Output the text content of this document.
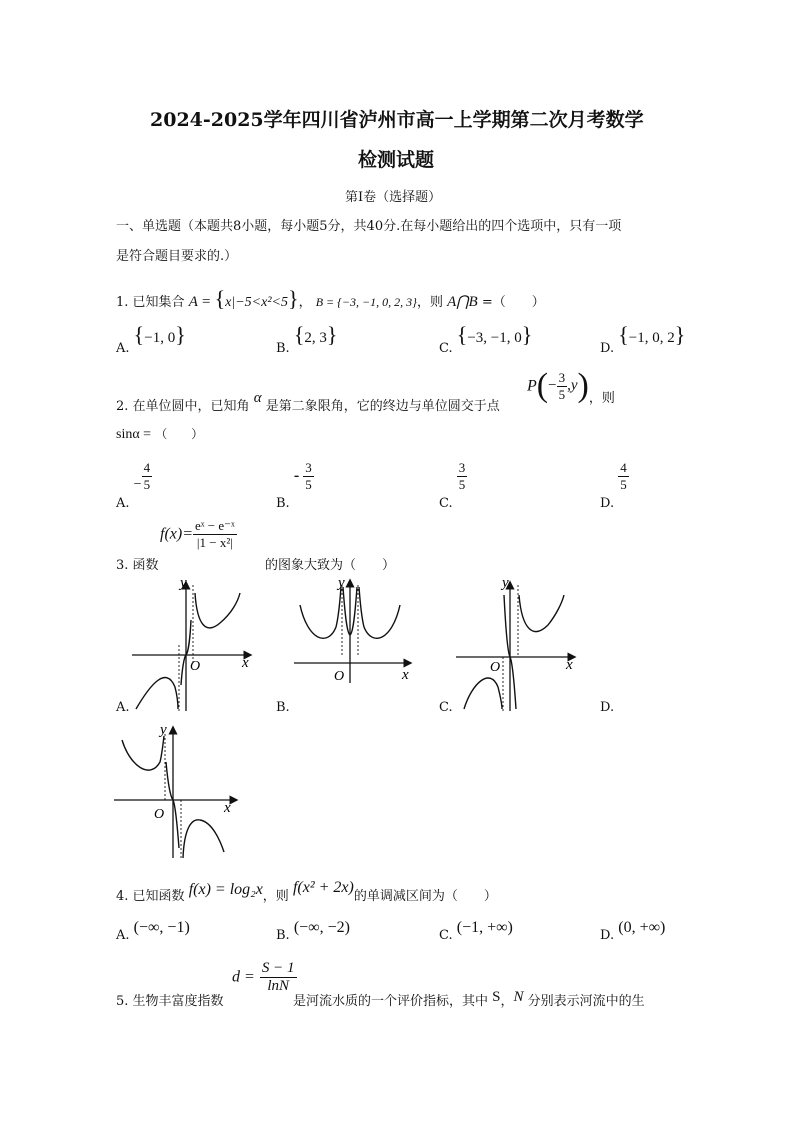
2024-2025学年四川省泸州市高一上学期第二次月考数学
检测试题
第Ⅰ卷（选择题）
一、单选题（本题共8小题，每小题5分，共40分.在每小题给出的四个选项中，只有一项
是符合题目要求的.）
1. 已知集合 A = {x|−5<x²<5}， B = {−3, −1, 0, 2, 3}，则 A⋂B =（　　）
A. {−1, 0}
B. {2, 3}
C. {−3, −1, 0}
D. {−1, 0, 2}
2. 在单位圆中，已知角 α 是第二象限角，它的终边与单位圆交于点
$P(- \frac{3}{5} ,y)_{,则}$
sinα = （　　）
A. − $\frac{4}{5}$
B. - $\frac{3}{5}$
C.
$\frac{3}{5}$
D.
$\frac{4}{5}$
3. 函数
$f(x)= \frac{\text{eˣ − e⁻ˣ}}{\text{|1 − x²|}}$
的图象大致为（　　）
y
x
O
A.
y
x
O
B.
y
x
O
C.	D.
y
x
O
4. 已知函数 f(x) = log₂x，则 f(x² + 2x)的单调减区间为（　　）
A. (−∞, −1)	B. (−∞, −2)	C. (−1, +∞)	D. (0, +∞)
5. 生物丰富度指数
$d = \frac{S - 1}{\ln N}$
是河流水质的一个评价指标，其中 S，N 分别表示河流中的生
